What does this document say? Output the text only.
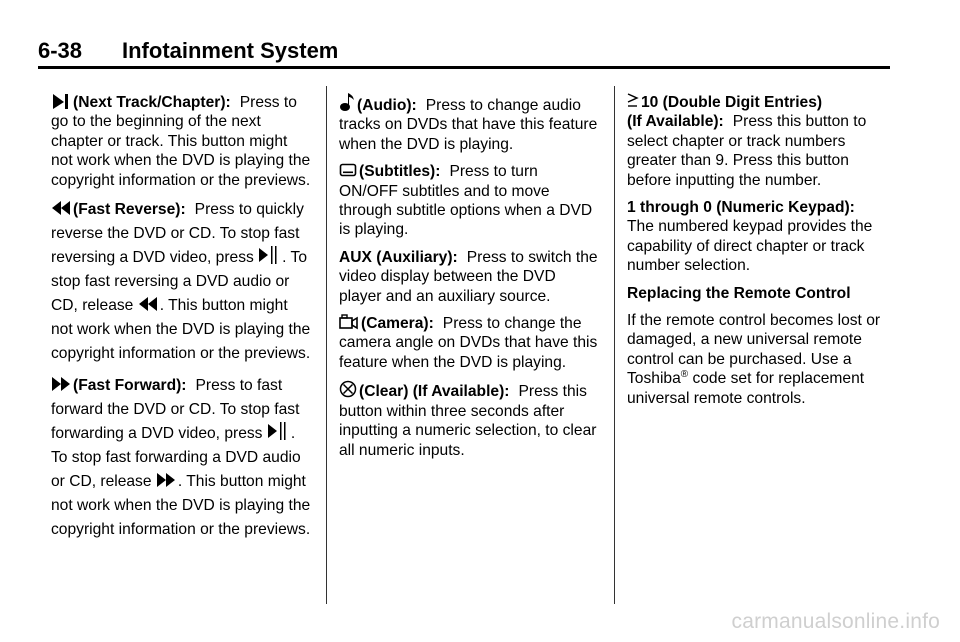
6-38 Infotainment System

(Next Track/Chapter): Press to go to the beginning of the next chapter or track. This button might not work when the DVD is playing the copyright information or the previews.

(Fast Reverse): Press to quickly reverse the DVD or CD. To stop fast reversing a DVD video, press . To stop fast reversing a DVD audio or CD, release . This button might not work when the DVD is playing the copyright information or the previews.

(Fast Forward): Press to fast forward the DVD or CD. To stop fast forwarding a DVD video, press . To stop fast forwarding a DVD audio or CD, release . This button might not work when the DVD is playing the copyright information or the previews.

(Audio): Press to change audio tracks on DVDs that have this feature when the DVD is playing.

(Subtitles): Press to turn ON/OFF subtitles and to move through subtitle options when a DVD is playing.

AUX (Auxiliary): Press to switch the video display between the DVD player and an auxiliary source.

(Camera): Press to change the camera angle on DVDs that have this feature when the DVD is playing.

(Clear) (If Available): Press this button within three seconds after inputting a numeric selection, to clear all numeric inputs.

10 (Double Digit Entries)
(If Available): Press this button to select chapter or track numbers greater than 9. Press this button before inputting the number.

1 through 0 (Numeric Keypad):
The numbered keypad provides the capability of direct chapter or track number selection.

Replacing the Remote Control

If the remote control becomes lost or damaged, a new universal remote control can be purchased. Use a Toshiba® code set for replacement universal remote controls.

carmanualsonline.info
